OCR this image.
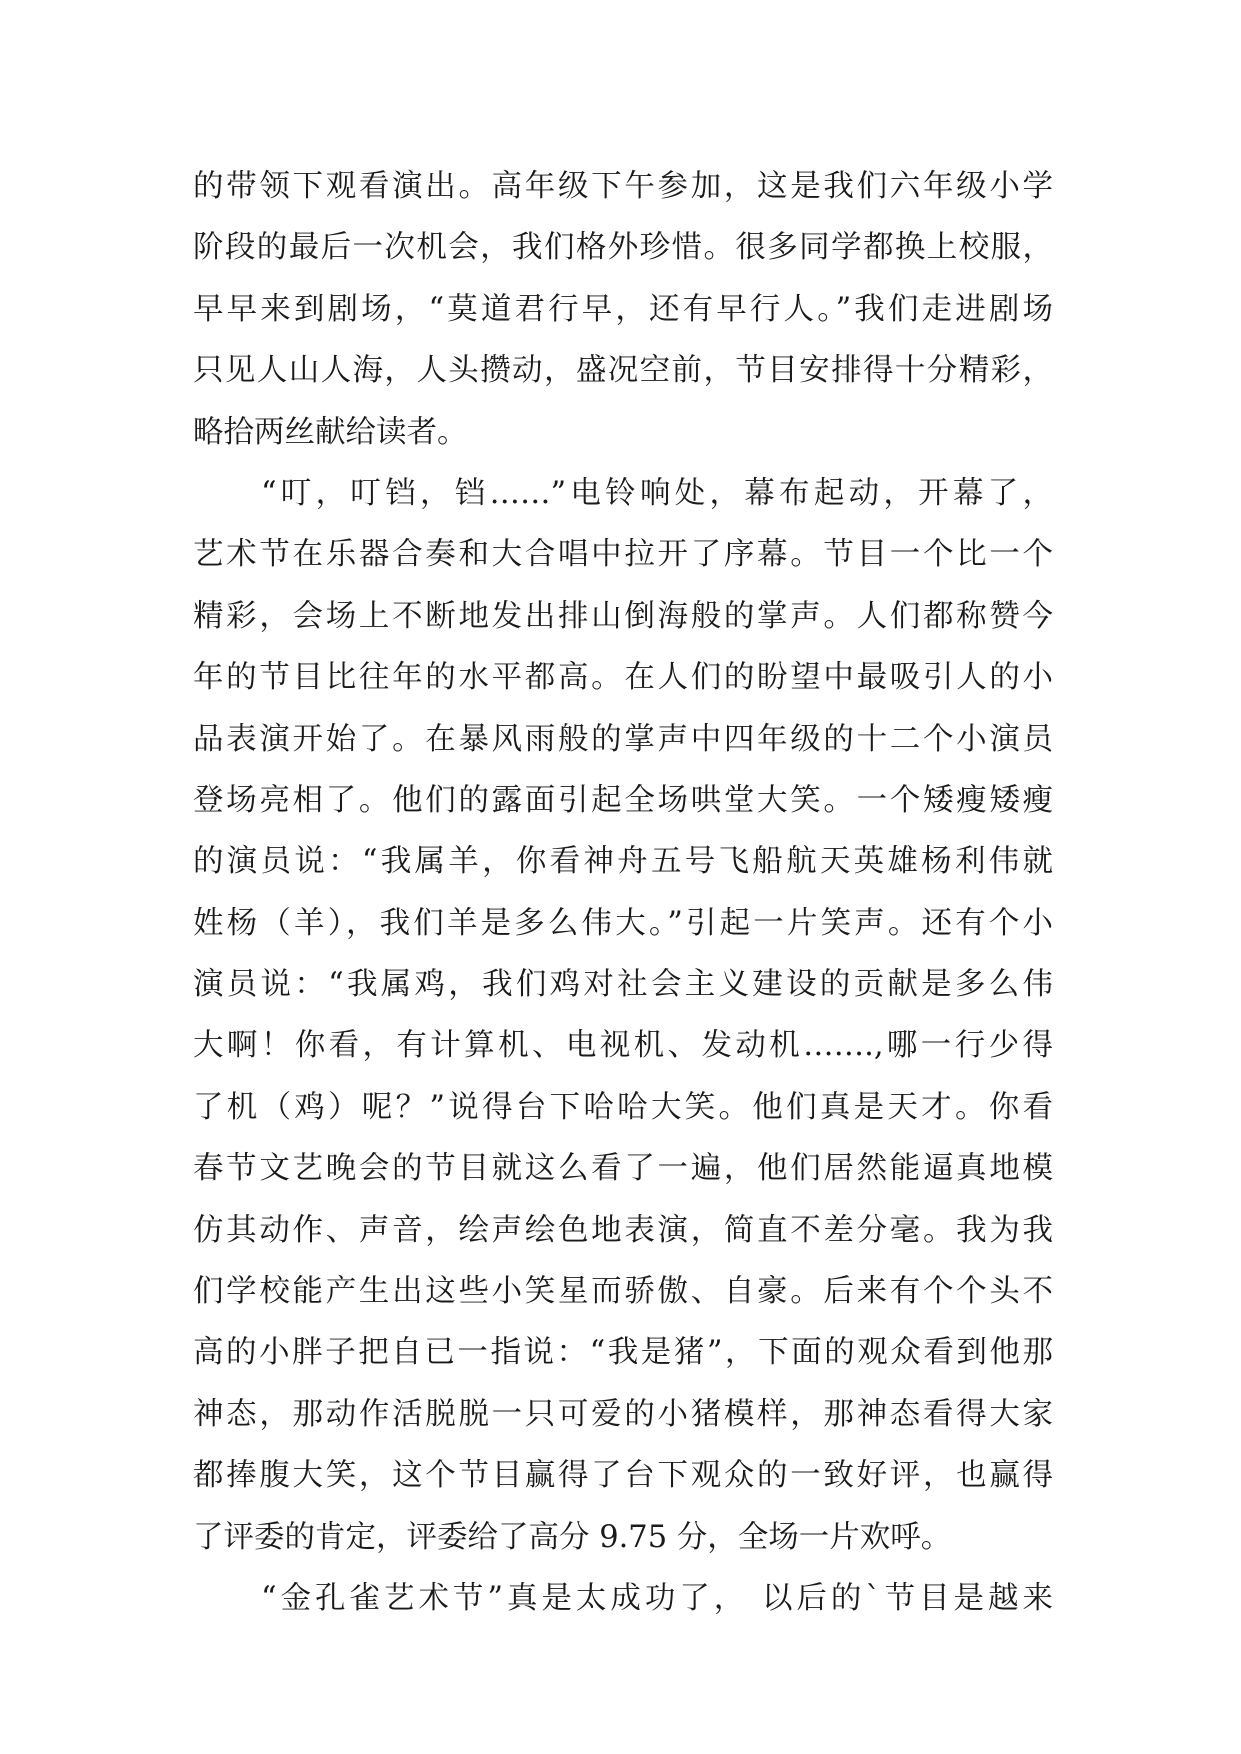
的带领下观看演出。高年级下午参加，这是我们六年级小学
阶段的最后一次机会，我们格外珍惜。很多同学都换上校服，
早早来到剧场，“莫道君行早，还有早行人。”我们走进剧场
只见人山人海，人头攒动，盛况空前，节目安排得十分精彩，
略拾两丝献给读者。
“叮，叮铛，铛……”电铃响处，幕布起动，开幕了，
艺术节在乐器合奏和大合唱中拉开了序幕。节目一个比一个
精彩，会场上不断地发出排山倒海般的掌声。人们都称赞今
年的节目比往年的水平都高。在人们的盼望中最吸引人的小
品表演开始了。在暴风雨般的掌声中四年级的十二个小演员
登场亮相了。他们的露面引起全场哄堂大笑。一个矮瘦矮瘦
的演员说：“我属羊，你看神舟五号飞船航天英雄杨利伟就
姓杨（羊），我们羊是多么伟大。”引起一片笑声。还有个小
演员说：“我属鸡，我们鸡对社会主义建设的贡献是多么伟
大啊！你看，有计算机、电视机、发动机…….,哪一行少得
了机（鸡）呢？”说得台下哈哈大笑。他们真是天才。你看
春节文艺晚会的节目就这么看了一遍，他们居然能逼真地模
仿其动作、声音，绘声绘色地表演，简直不差分毫。我为我
们学校能产生出这些小笑星而骄傲、自豪。后来有个个头不
高的小胖子把自已一指说：“我是猪”，下面的观众看到他那
神态，那动作活脱脱一只可爱的小猪模样，那神态看得大家
都捧腹大笑，这个节目赢得了台下观众的一致好评，也赢得
了评委的肯定，评委给了高分 9.75 分，全场一片欢呼。
“金孔雀艺术节”真是太成功了， 以后的`节目是越来
